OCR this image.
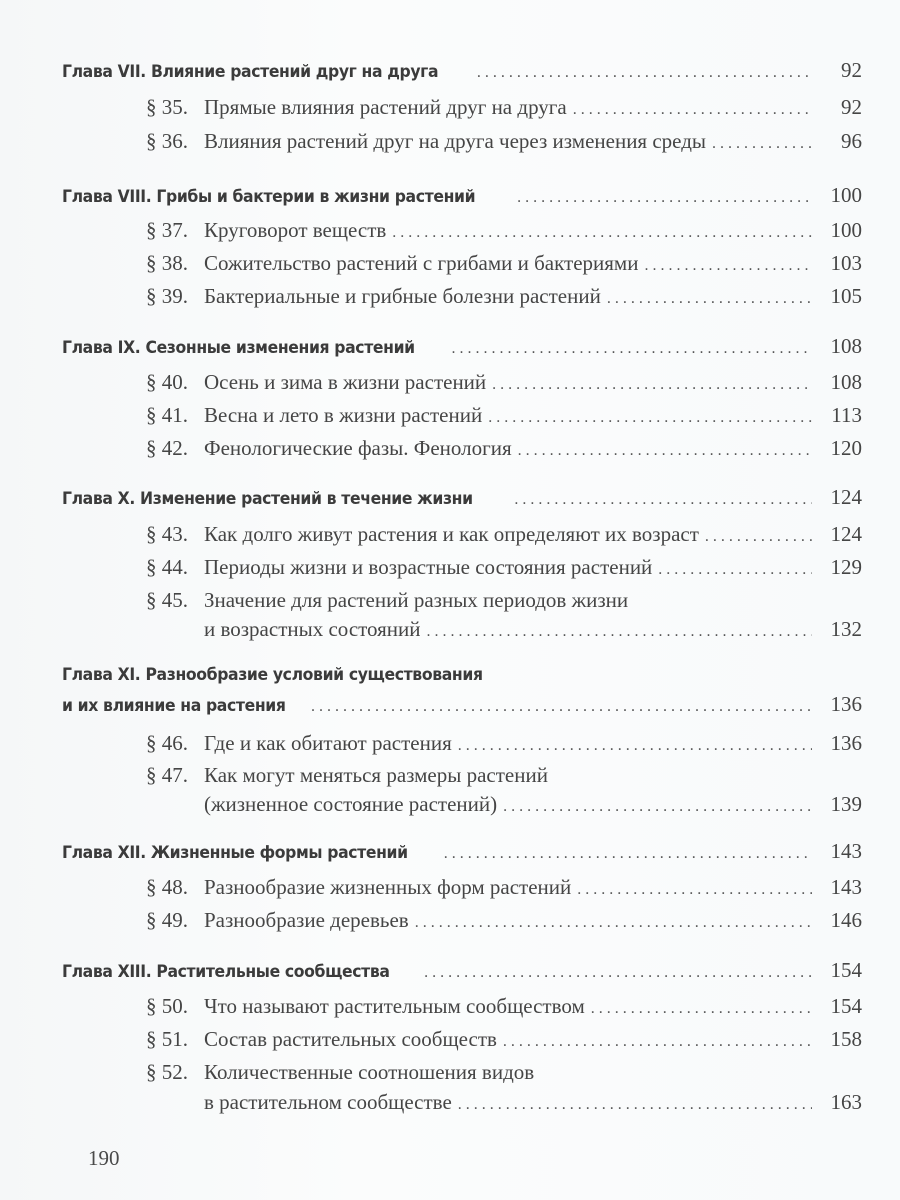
Глава VII. Влияние растений друг на друга . . .	92
§ 35. Прямые влияния растений друг на друга . . .	92
§ 36. Влияния растений друг на друга через изменения среды . . .	96
Глава VIII. Грибы и бактерии в жизни растений . . .	100
§ 37. Круговорот веществ . . .	100
§ 38. Сожительство растений с грибами и бактериями . . .	103
§ 39. Бактериальные и грибные болезни растений . . .	105
Глава IX. Сезонные изменения растений . . .	108
§ 40. Осень и зима в жизни растений . . .	108
§ 41. Весна и лето в жизни растений . . .	113
§ 42. Фенологические фазы. Фенология . . .	120
Глава X. Изменение растений в течение жизни . . .	124
§ 43. Как долго живут растения и как определяют их возраст . . .	124
§ 44. Периоды жизни и возрастные состояния растений . . .	129
§ 45. Значение для растений разных периодов жизни
и возрастных состояний . . .	132
Глава XI. Разнообразие условий существования
и их влияние на растения . . .	136
§ 46. Где и как обитают растения . . .	136
§ 47. Как могут меняться размеры растений
(жизненное состояние растений) . . .	139
Глава XII. Жизненные формы растений . . .	143
§ 48. Разнообразие жизненных форм растений . . .	143
§ 49. Разнообразие деревьев . . .	146
Глава XIII. Растительные сообщества . . .	154
§ 50. Что называют растительным сообществом . . .	154
§ 51. Состав растительных сообществ . . .	158
§ 52. Количественные соотношения видов
в растительном сообществе . . .	163
190
